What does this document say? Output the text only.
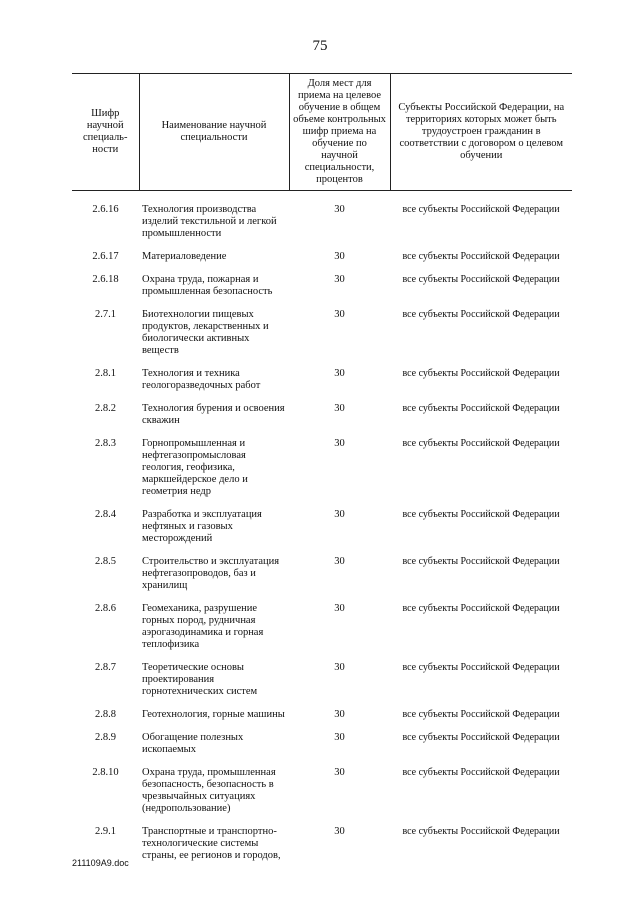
75
Шифр научной специаль- ности	Наименование научной специальности	Доля мест для приема на целевое обучение в общем объеме контрольных шифр приема на обучение по научной специальности, процентов	Субъекты Российской Федерации, на территориях которых может быть трудоустроен гражданин в соответствии с договором о целевом обучении
2.6.16	Технология производства изделий текстильной и легкой промышленности	30	все субъекты Российской Федерации
2.6.17	Материаловедение	30	все субъекты Российской Федерации
2.6.18	Охрана труда, пожарная и промышленная безопасность	30	все субъекты Российской Федерации
2.7.1	Биотехнологии пищевых продуктов, лекарственных и биологически активных веществ	30	все субъекты Российской Федерации
2.8.1	Технология и техника геологоразведочных работ	30	все субъекты Российской Федерации
2.8.2	Технология бурения и освоения скважин	30	все субъекты Российской Федерации
2.8.3	Горнопромышленная и нефтегазопромысловая геология, геофизика, маркшейдерское дело и геометрия недр	30	все субъекты Российской Федерации
2.8.4	Разработка и эксплуатация нефтяных и газовых месторождений	30	все субъекты Российской Федерации
2.8.5	Строительство и эксплуатация нефтегазопроводов, баз и хранилищ	30	все субъекты Российской Федерации
2.8.6	Геомеханика, разрушение горных пород, рудничная аэрогазодинамика и горная теплофизика	30	все субъекты Российской Федерации
2.8.7	Теоретические основы проектирования горнотехнических систем	30	все субъекты Российской Федерации
2.8.8	Геотехнология, горные машины	30	все субъекты Российской Федерации
2.8.9	Обогащение полезных ископаемых	30	все субъекты Российской Федерации
2.8.10	Охрана труда, промышленная безопасность, безопасность в чрезвычайных ситуациях (недропользование)	30	все субъекты Российской Федерации
2.9.1	Транспортные и транспортно-технологические системы страны, ее регионов и городов,	30	все субъекты Российской Федерации
211109A9.doc
